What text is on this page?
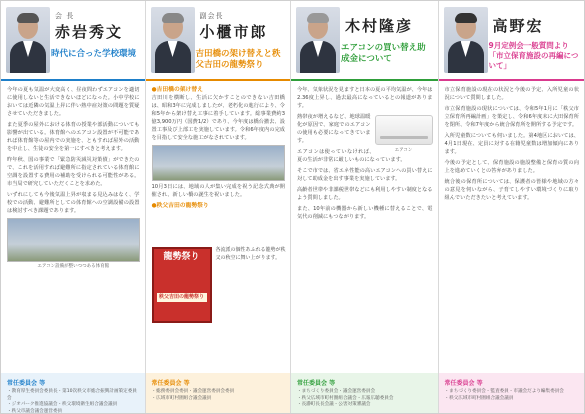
会 長
赤岩秀文
時代に合った学校環境

今年の夏も気温が大変高く、昼夜問わずエアコンを適切に使用しないと生活できないほどになった。小中学校においては近隣の気温上昇に伴い熱中症対策の問題を質疑させていただきました。

また夏季の屋外における体育の授業や部活動についても影響が出ている。体育館へのエアコン設置が不可能であれば体育館等の屋内での実施を、ともすれば屋外の活動を中止し、生徒の安全を第一にすべきと考えます。

昨年秋、国の事業で「緊急防災減災対策債」ができたので、これを活用すれば避難所に指定されている体育館に空調を設置する費用の補助を受けられる可能性がある。市当局で研究していただくことを求めた。

いずれにしても今後気温上昇が収まる見込みはなく、学校での活動、避難所としての体育館への空調設備の設置は検討すべき課題であります。

エアコン設備が整いつつある体育館
常任委員会 等
・教育厚生委員会委員長・第10次秩父市総合振興計画策定委員会
・ジオパーク推進協議会・秩父環境衛生組合議会議員
・秩父市議会議会運営委員
副会長
小櫃市郎
吉田橋の架け替えと秩父吉田の龍勢祭り
●吉田橋の架け替え

吉田川を横断し、生活に欠かすことのできない吉田橋は、昭和3年に完成しましたが、老朽化の進行により、令和5年から架け替え工事に着手しています。総事業費約3億3,900万円（国費1/2）であり、今年度は橋台撤去、設置工事及び上部工を実施しています。令和6年度内の完成を目指して安全な施工がなされています。

10月3日には、地域の人が集い完成を祝う記念式典が開催され、新しい橋の誕生を祝いました。

●秩父吉田の龍勢祭り
龍勢祭り
秩父吉田の龍勢祭り
各流派の個性あふれる龍勢が秩父の秋空に舞い上がります。
常任委員会 等
・総務委員会委員・議会運営委員会委員
・広域市町村圏組合議会議員
木村隆彦
エアコンの買い替え助成金について

今年、気象状況を見ますと日本の夏の平均気温が、今年は2.36度上昇し、過去最高になっているとの報道があります。

エアコン

熱帯夜が増えるなど、地球温暖化が原因で、家庭でのエアコンの使用も必要になってきています。

エアコンは使っていなければ、夏の生活が非常に厳しいものになっています。

そこで市では、省エネ性能の高いエアコンへの買い替えに対して助成金を出す事業を実施しています。

高齢者世帯や非課税世帯などにも利用しやすい制度となるよう質問しました。

また、10年前の機器から新しい機種に替えることで、電気代の削減にもつながります。

常任委員会 等
・まちづくり委員会・議会運営委員会
・秩父広域市町村圏組合議会・広報広聴委員会
・長瀞町長長会議・公害対策審議会
高野宏
9月定例会一般質問より「市立保育施設の再編について」

市立保育施設の現在の状況と今後の予定、入所児童の状況について質問しました。

市立保育施設の現状については、令和5年1月に「秩父市立保育所再編計画」を策定し、令和6年度末に大田保育所を閉所、令和7年度から統合保育所を開所する予定です。

入所児童数についても伺いました。第4地区においては、4月1日現在、定員に対する在籍児童数は増加傾向にあります。

今後の予定として、保育施設の施設整備と保育の質の向上を進めていくとの答弁がありました。

統合後の保育所については、保護者の皆様や地域の方々の意見を伺いながら、子育てしやすい環境づくりに取り組んでいただきたいと考えています。

常任委員会 等
・まちづくり委員会・監査委員・市議会だより編集委員会
・秩父広域市町村圏組合議会議員
